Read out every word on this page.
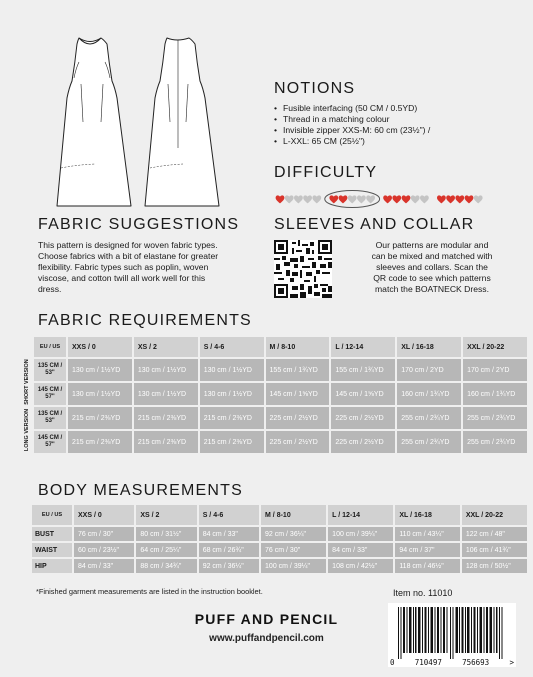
NOTIONS
• Fusible interfacing (50 CM / 0.5YD)
• Thread in a matching colour
• Invisible zipper XXS-M: 60 cm (23½") /
• L-XXL: 65 CM (25½")
DIFFICULTY
FABRIC SUGGESTIONS

This pattern is designed for woven fabric types.
Choose fabrics with a bit of elastane for greater
flexibility. Fabric types such as poplin, woven
viscose, and cotton twill all work well for this
dress.

SLEEVES AND COLLAR

Our patterns are modular and
can be mixed and matched with
sleeves and collars. Scan the
QR code to see which patterns
match the BOATNECK Dress.

FABRIC REQUIREMENTS
	EU / US	XXS / 0	XS / 2	S / 4-6	M / 8-10	L / 12-14	XL / 16-18	XXL / 20-22

SHORT VERSION	135 CM / 53"	130 cm / 1½YD	130 cm / 1½YD	130 cm / 1½YD	155 cm / 1¾YD	155 cm / 1¾YD	170 cm / 2YD	170 cm / 2YD
	145 CM / 57"	130 cm / 1½YD	130 cm / 1½YD	130 cm / 1½YD	145 cm / 1⅝YD	145 cm / 1⅝YD	160 cm / 1¾YD	160 cm / 1¾YD

LONG VERSION	135 CM / 53"	215 cm / 2⅜YD	215 cm / 2⅜YD	215 cm / 2⅜YD	225 cm / 2½YD	225 cm / 2½YD	255 cm / 2¾YD	255 cm / 2¾YD
	145 CM / 57"	215 cm / 2⅜YD	215 cm / 2⅜YD	215 cm / 2⅜YD	225 cm / 2½YD	225 cm / 2½YD	255 cm / 2¾YD	255 cm / 2¾YD
BODY MEASUREMENTS
EU / US	XXS / 0	XS / 2	S / 4-6	M / 8-10	L / 12-14	XL / 16-18	XXL / 20-22
BUST	76 cm / 30"	80 cm / 31½"	84 cm / 33"	92 cm / 36¼"	100 cm / 39¼"	110 cm / 43¼"	122 cm / 48"
WAIST	60 cm / 23½"	64 cm / 25¼"	68 cm / 26¾"	76 cm / 30"	84 cm / 33"	94 cm / 37"	106 cm / 41¾"
HIP	84 cm / 33"	88 cm / 34¾"	92 cm / 36¼"	100 cm / 39¼"	108 cm / 42½"	118 cm / 46½"	128 cm / 50½"
*Finished garment measurements are listed in the instruction booklet.	Item no. 11010
PUFF AND PENCIL
www.puffandpencil.com
0	710497	756693	>
